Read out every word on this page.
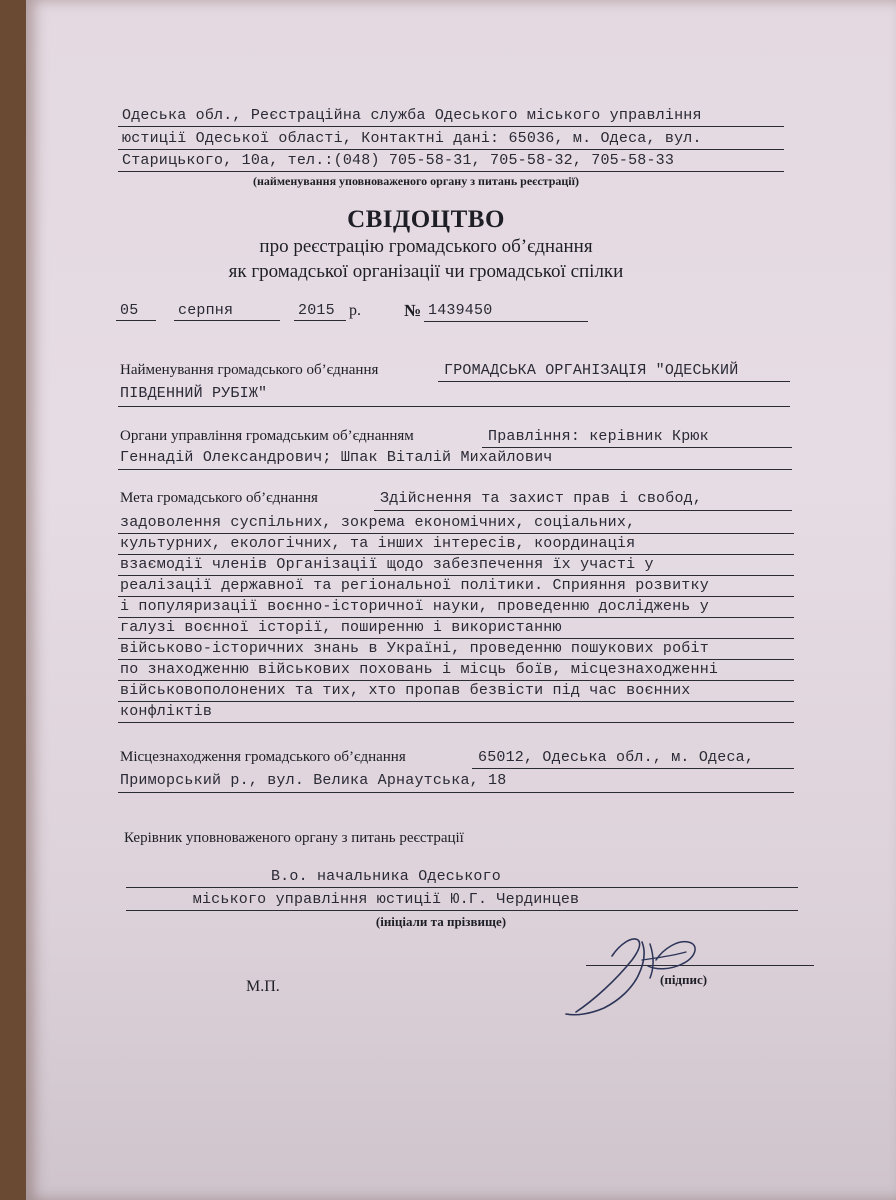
Одеська обл., Реєстраційна служба Одеського міського управління
юстиції Одеської області, Контактні дані: 65036, м. Одеса, вул.
Старицького, 10а, тел.:(048) 705-58-31, 705-58-32, 705-58-33
(найменування уповноваженого органу з питань реєстрації)
СВІДОЦТВО
про реєстрацію громадського об’єднання
як громадської організації чи громадської спілки
05	серпня	2015 р.	№ 1439450
Найменування громадського об’єднання	ГРОМАДСЬКА ОРГАНІЗАЦІЯ "ОДЕСЬКИЙ
ПІВДЕННИЙ РУБІЖ"
Органи управління громадським об’єднанням	Правління: керівник Крюк
Геннадій Олександрович; Шпак Віталій Михайлович
Мета громадського об’єднання	Здійснення та захист прав і свобод,
задоволення суспільних, зокрема економічних, соціальних,
культурних, екологічних, та інших інтересів, координація
взаємодії членів Організації щодо забезпечення їх участі у
реалізації державної та регіональної політики. Сприяння розвитку
і популяризації воєнно-історичної науки, проведенню досліджень у
галузі воєнної історії, поширенню і використанню
військово-історичних знань в Україні, проведенню пошукових робіт
по знаходженню військових поховань і місць боїв, місцезнаходженні
військовополонених та тих, хто пропав безвісти під час воєнних
конфліктів
Місцезнаходження громадського об’єднання	65012, Одеська обл., м. Одеса,
Приморський р., вул. Велика Арнаутська, 18
Керівник уповноваженого органу з питань реєстрації
В.о. начальника Одеського
міського управління юстиції Ю.Г. Чердинцев
(ініціали та прізвище)
М.П.	(підпис)
